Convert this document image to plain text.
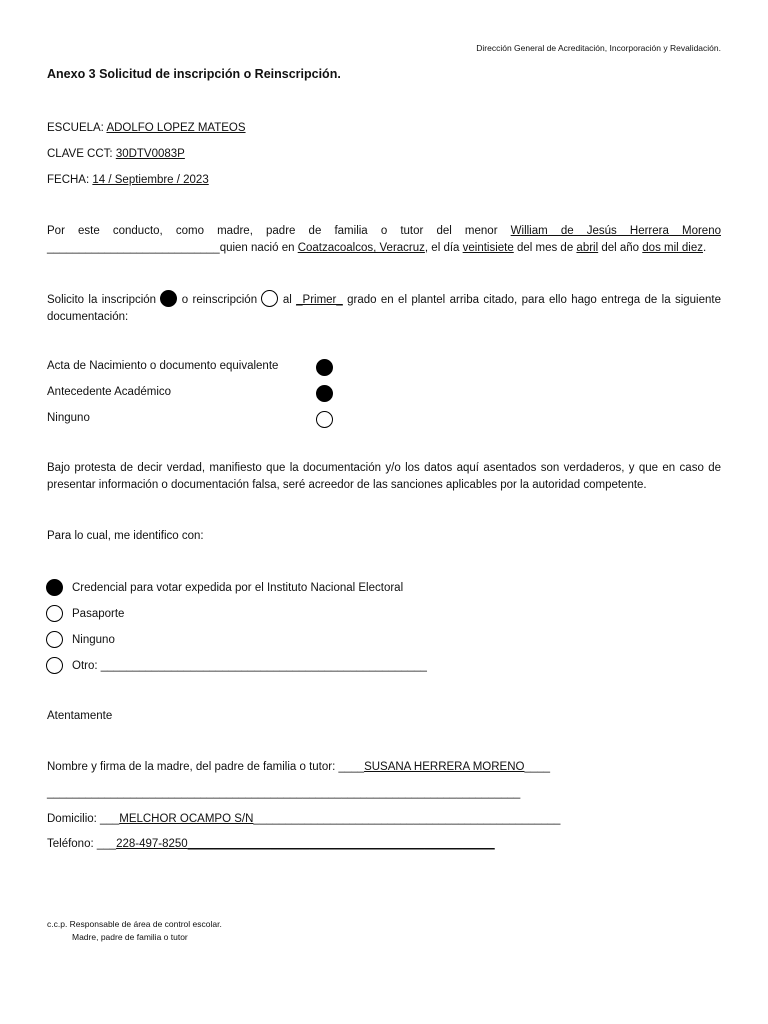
Dirección General de Acreditación, Incorporación y Revalidación.
Anexo 3 Solicitud de inscripción o Reinscripción.
ESCUELA: ADOLFO LOPEZ MATEOS
CLAVE CCT: 30DTV0083P
FECHA: 14 / Septiembre / 2023
Por este conducto, como madre, padre de familia o tutor del menor William de Jesús Herrera Moreno ___________________________quien nació en Coatzacoalcos, Veracruz, el día veintisiete del mes de abril del año dos mil diez.
Solicito la inscripción  o reinscripción  al _Primer_ grado en el plantel arriba citado, para ello hago entrega de la siguiente documentación:
Acta de Nacimiento o documento equivalente
Antecedente Académico
Ninguno
Bajo protesta de decir verdad, manifiesto que la documentación y/o los datos aquí asentados son verdaderos, y que en caso de presentar información o documentación falsa, seré acreedor de las sanciones aplicables por la autoridad competente.
Para lo cual, me identifico con:
Credencial para votar expedida por el Instituto Nacional Electoral
Pasaporte
Ninguno
Otro: ___________________________________________________
Atentamente
Nombre y firma de la madre, del padre de familia o tutor: ____SUSANA HERRERA MORENO____
__________________________________________________________________________
Domicilio: ___MELCHOR OCAMPO S/N________________________________________________
Teléfono: ___228-497-8250________________________________________________
c.c.p. Responsable de área de control escolar.
Madre, padre de familia o tutor
